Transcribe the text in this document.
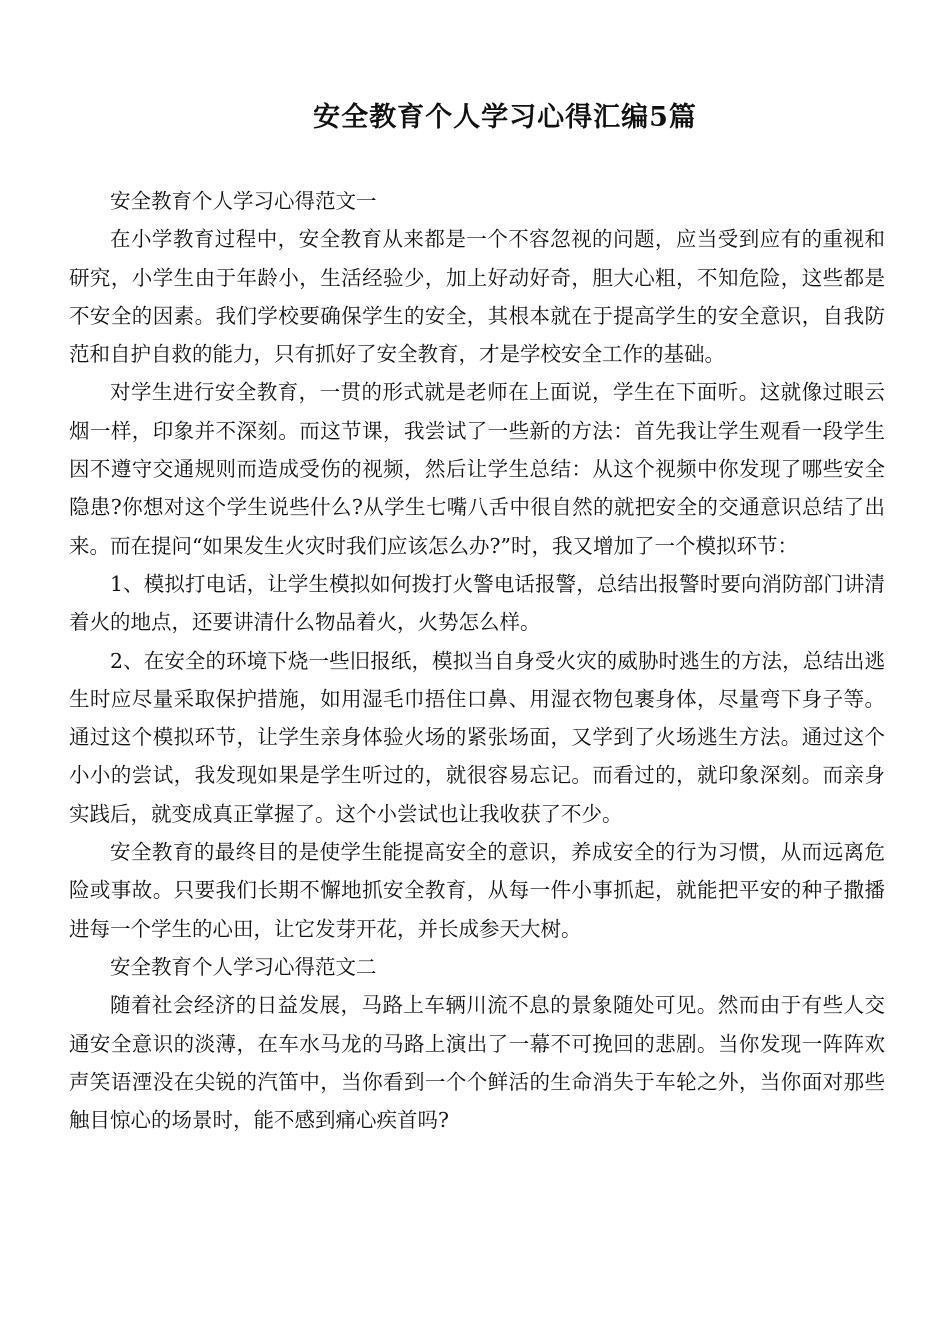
安全教育个人学习心得汇编5篇

安全教育个人学习心得范文一

在小学教育过程中，安全教育从来都是一个不容忽视的问题，应当受到应有的重视和研究，小学生由于年龄小，生活经验少，加上好动好奇，胆大心粗，不知危险，这些都是不安全的因素。我们学校要确保学生的安全，其根本就在于提高学生的安全意识，自我防范和自护自救的能力，只有抓好了安全教育，才是学校安全工作的基础。

对学生进行安全教育，一贯的形式就是老师在上面说，学生在下面听。这就像过眼云烟一样，印象并不深刻。而这节课，我尝试了一些新的方法：首先我让学生观看一段学生因不遵守交通规则而造成受伤的视频，然后让学生总结：从这个视频中你发现了哪些安全隐患?你想对这个学生说些什么?从学生七嘴八舌中很自然的就把安全的交通意识总结了出来。而在提问“如果发生火灾时我们应该怎么办?”时，我又增加了一个模拟环节：

1、模拟打电话，让学生模拟如何拨打火警电话报警，总结出报警时要向消防部门讲清着火的地点，还要讲清什么物品着火，火势怎么样。

2、在安全的环境下烧一些旧报纸，模拟当自身受火灾的威胁时逃生的方法，总结出逃生时应尽量采取保护措施，如用湿毛巾捂住口鼻、用湿衣物包裹身体，尽量弯下身子等。通过这个模拟环节，让学生亲身体验火场的紧张场面，又学到了火场逃生方法。通过这个小小的尝试，我发现如果是学生听过的，就很容易忘记。而看过的，就印象深刻。而亲身实践后，就变成真正掌握了。这个小尝试也让我收获了不少。

安全教育的最终目的是使学生能提高安全的意识，养成安全的行为习惯，从而远离危险或事故。只要我们长期不懈地抓安全教育，从每一件小事抓起，就能把平安的种子撒播进每一个学生的心田，让它发芽开花，并长成参天大树。

安全教育个人学习心得范文二

随着社会经济的日益发展，马路上车辆川流不息的景象随处可见。然而由于有些人交通安全意识的淡薄，在车水马龙的马路上演出了一幕不可挽回的悲剧。当你发现一阵阵欢声笑语湮没在尖锐的汽笛中，当你看到一个个鲜活的生命消失于车轮之外，当你面对那些触目惊心的场景时，能不感到痛心疾首吗?
